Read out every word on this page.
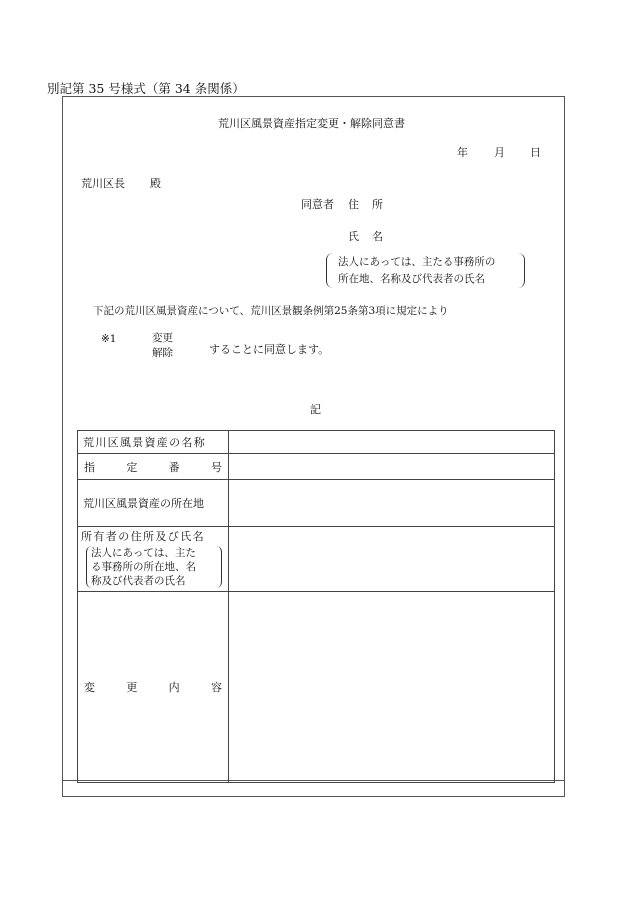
別記第 35 号様式（第 34 条関係）
荒川区風景資産指定変更・解除同意書
年 月 日
荒川区長 殿
同意者 住 所
氏 名
法人にあっては、主たる事務所の
所在地、名称及び代表者の氏名
下記の荒川区風景資産について、荒川区景観条例第25条第3項に規定により
※1	変更
解除	することに同意します。
記
荒川区風景資産の名称	

指 定 番 号	

荒川区風景資産の所在地	

所有者の住所及び氏名
法人にあっては、主た
る事務所の所在地、名
称及び代表者の氏名	

変 更 内 容	
